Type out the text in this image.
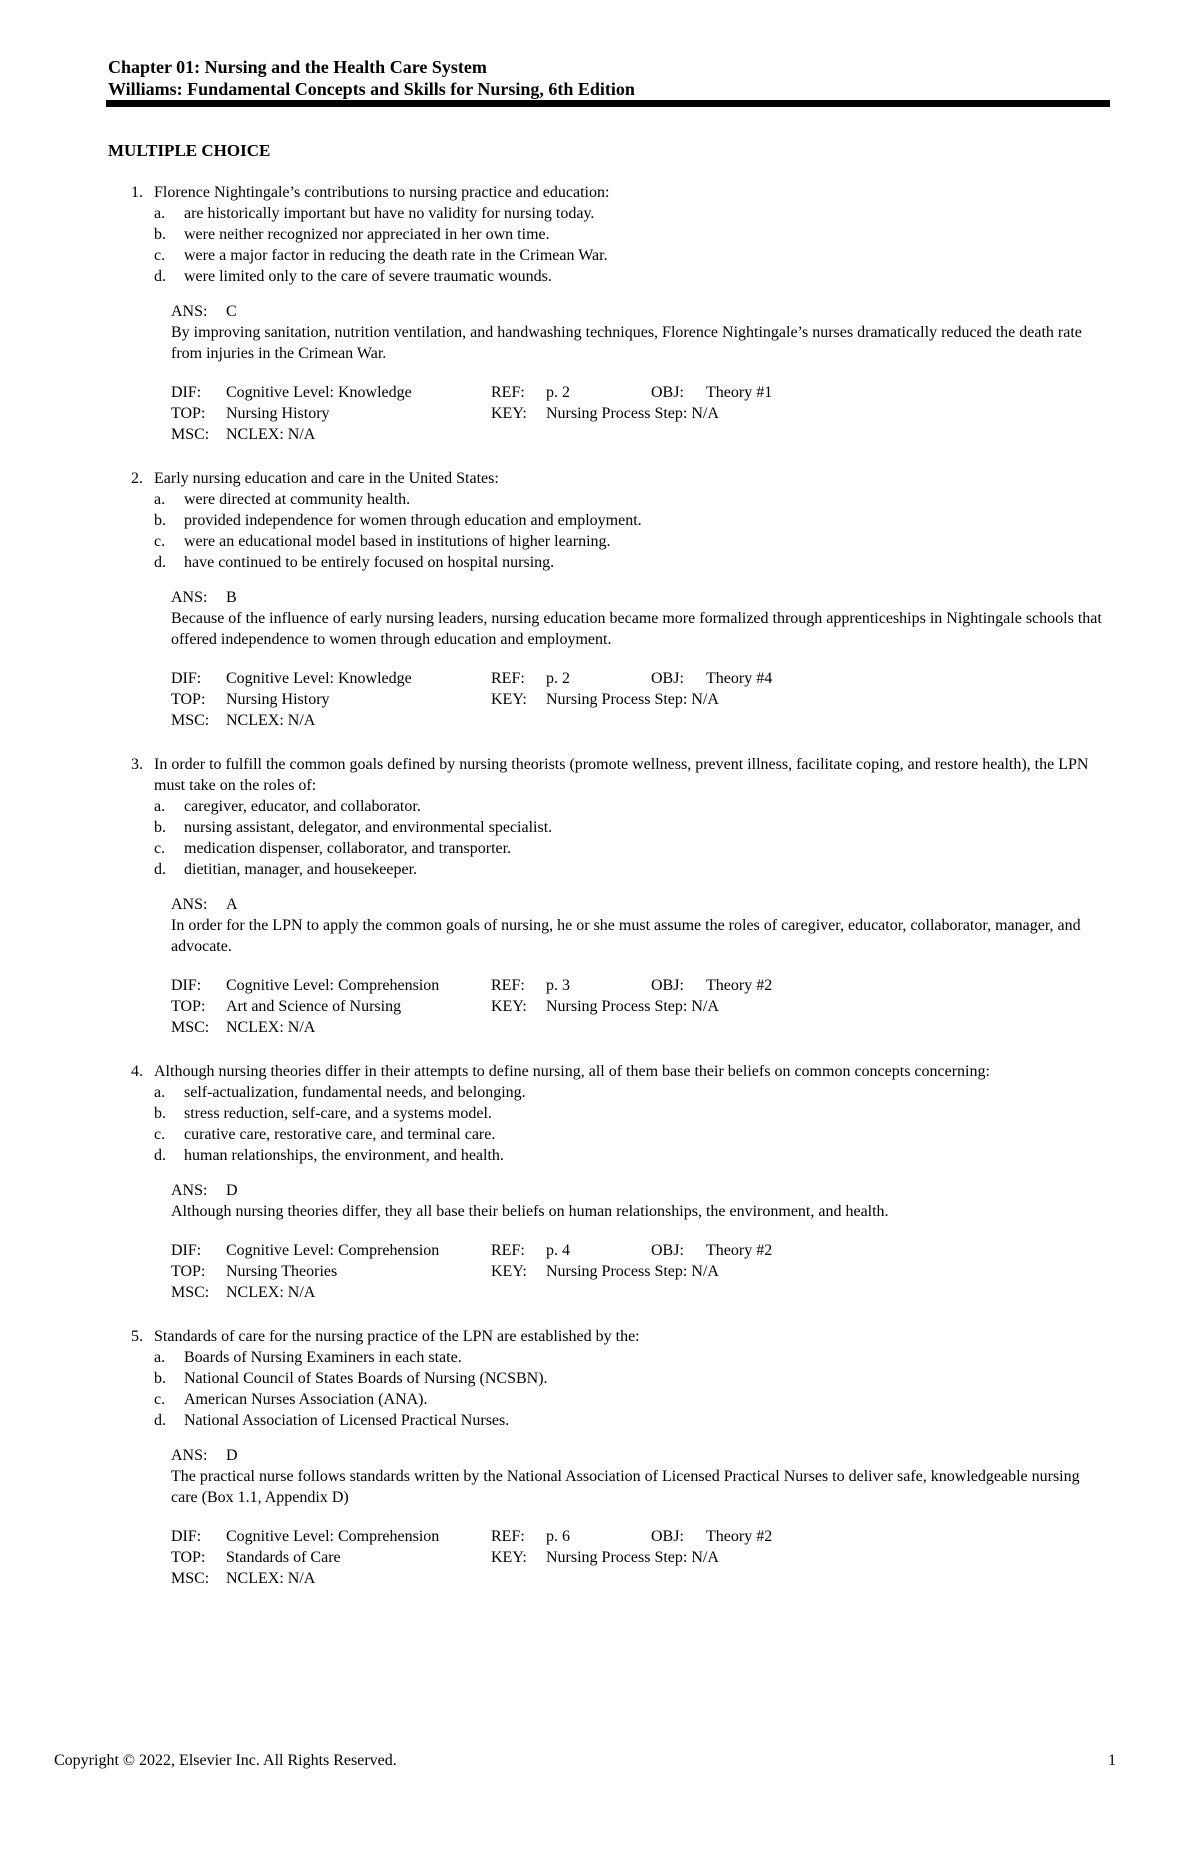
Chapter 01: Nursing and the Health Care System
Williams: Fundamental Concepts and Skills for Nursing, 6th Edition
MULTIPLE CHOICE
1. Florence Nightingale’s contributions to nursing practice and education:
a.	are historically important but have no validity for nursing today.
b.	were neither recognized nor appreciated in her own time.
c.	were a major factor in reducing the death rate in the Crimean War.
d.	were limited only to the care of severe traumatic wounds.
ANS: C
By improving sanitation, nutrition ventilation, and handwashing techniques, Florence Nightingale’s nurses dramatically reduced the death rate from injuries in the Crimean War.
DIF:	Cognitive Level: Knowledge	REF:	p. 2	OBJ:	Theory #1
TOP:	Nursing History	KEY:	Nursing Process Step: N/A
MSC:	NCLEX: N/A
2. Early nursing education and care in the United States:
a.	were directed at community health.
b.	provided independence for women through education and employment.
c.	were an educational model based in institutions of higher learning.
d.	have continued to be entirely focused on hospital nursing.
ANS: B
Because of the influence of early nursing leaders, nursing education became more formalized through apprenticeships in Nightingale schools that offered independence to women through education and employment.
DIF:	Cognitive Level: Knowledge	REF:	p. 2	OBJ:	Theory #4
TOP:	Nursing History	KEY:	Nursing Process Step: N/A
MSC:	NCLEX: N/A
3. In order to fulfill the common goals defined by nursing theorists (promote wellness, prevent illness, facilitate coping, and restore health), the LPN must take on the roles of:
a.	caregiver, educator, and collaborator.
b.	nursing assistant, delegator, and environmental specialist.
c.	medication dispenser, collaborator, and transporter.
d.	dietitian, manager, and housekeeper.
ANS: A
In order for the LPN to apply the common goals of nursing, he or she must assume the roles of caregiver, educator, collaborator, manager, and advocate.
DIF:	Cognitive Level: Comprehension	REF:	p. 3	OBJ:	Theory #2
TOP:	Art and Science of Nursing	KEY:	Nursing Process Step: N/A
MSC:	NCLEX: N/A
4. Although nursing theories differ in their attempts to define nursing, all of them base their beliefs on common concepts concerning:
a.	self-actualization, fundamental needs, and belonging.
b.	stress reduction, self-care, and a systems model.
c.	curative care, restorative care, and terminal care.
d.	human relationships, the environment, and health.
ANS: D
Although nursing theories differ, they all base their beliefs on human relationships, the environment, and health.
DIF:	Cognitive Level: Comprehension	REF:	p. 4	OBJ:	Theory #2
TOP:	Nursing Theories	KEY:	Nursing Process Step: N/A
MSC:	NCLEX: N/A
5. Standards of care for the nursing practice of the LPN are established by the:
a.	Boards of Nursing Examiners in each state.
b.	National Council of States Boards of Nursing (NCSBN).
c.	American Nurses Association (ANA).
d.	National Association of Licensed Practical Nurses.
ANS: D
The practical nurse follows standards written by the National Association of Licensed Practical Nurses to deliver safe, knowledgeable nursing care (Box 1.1, Appendix D)
DIF:	Cognitive Level: Comprehension	REF:	p. 6	OBJ:	Theory #2
TOP:	Standards of Care	KEY:	Nursing Process Step: N/A
MSC:	NCLEX: N/A
Copyright © 2022, Elsevier Inc. All Rights Reserved.	1
